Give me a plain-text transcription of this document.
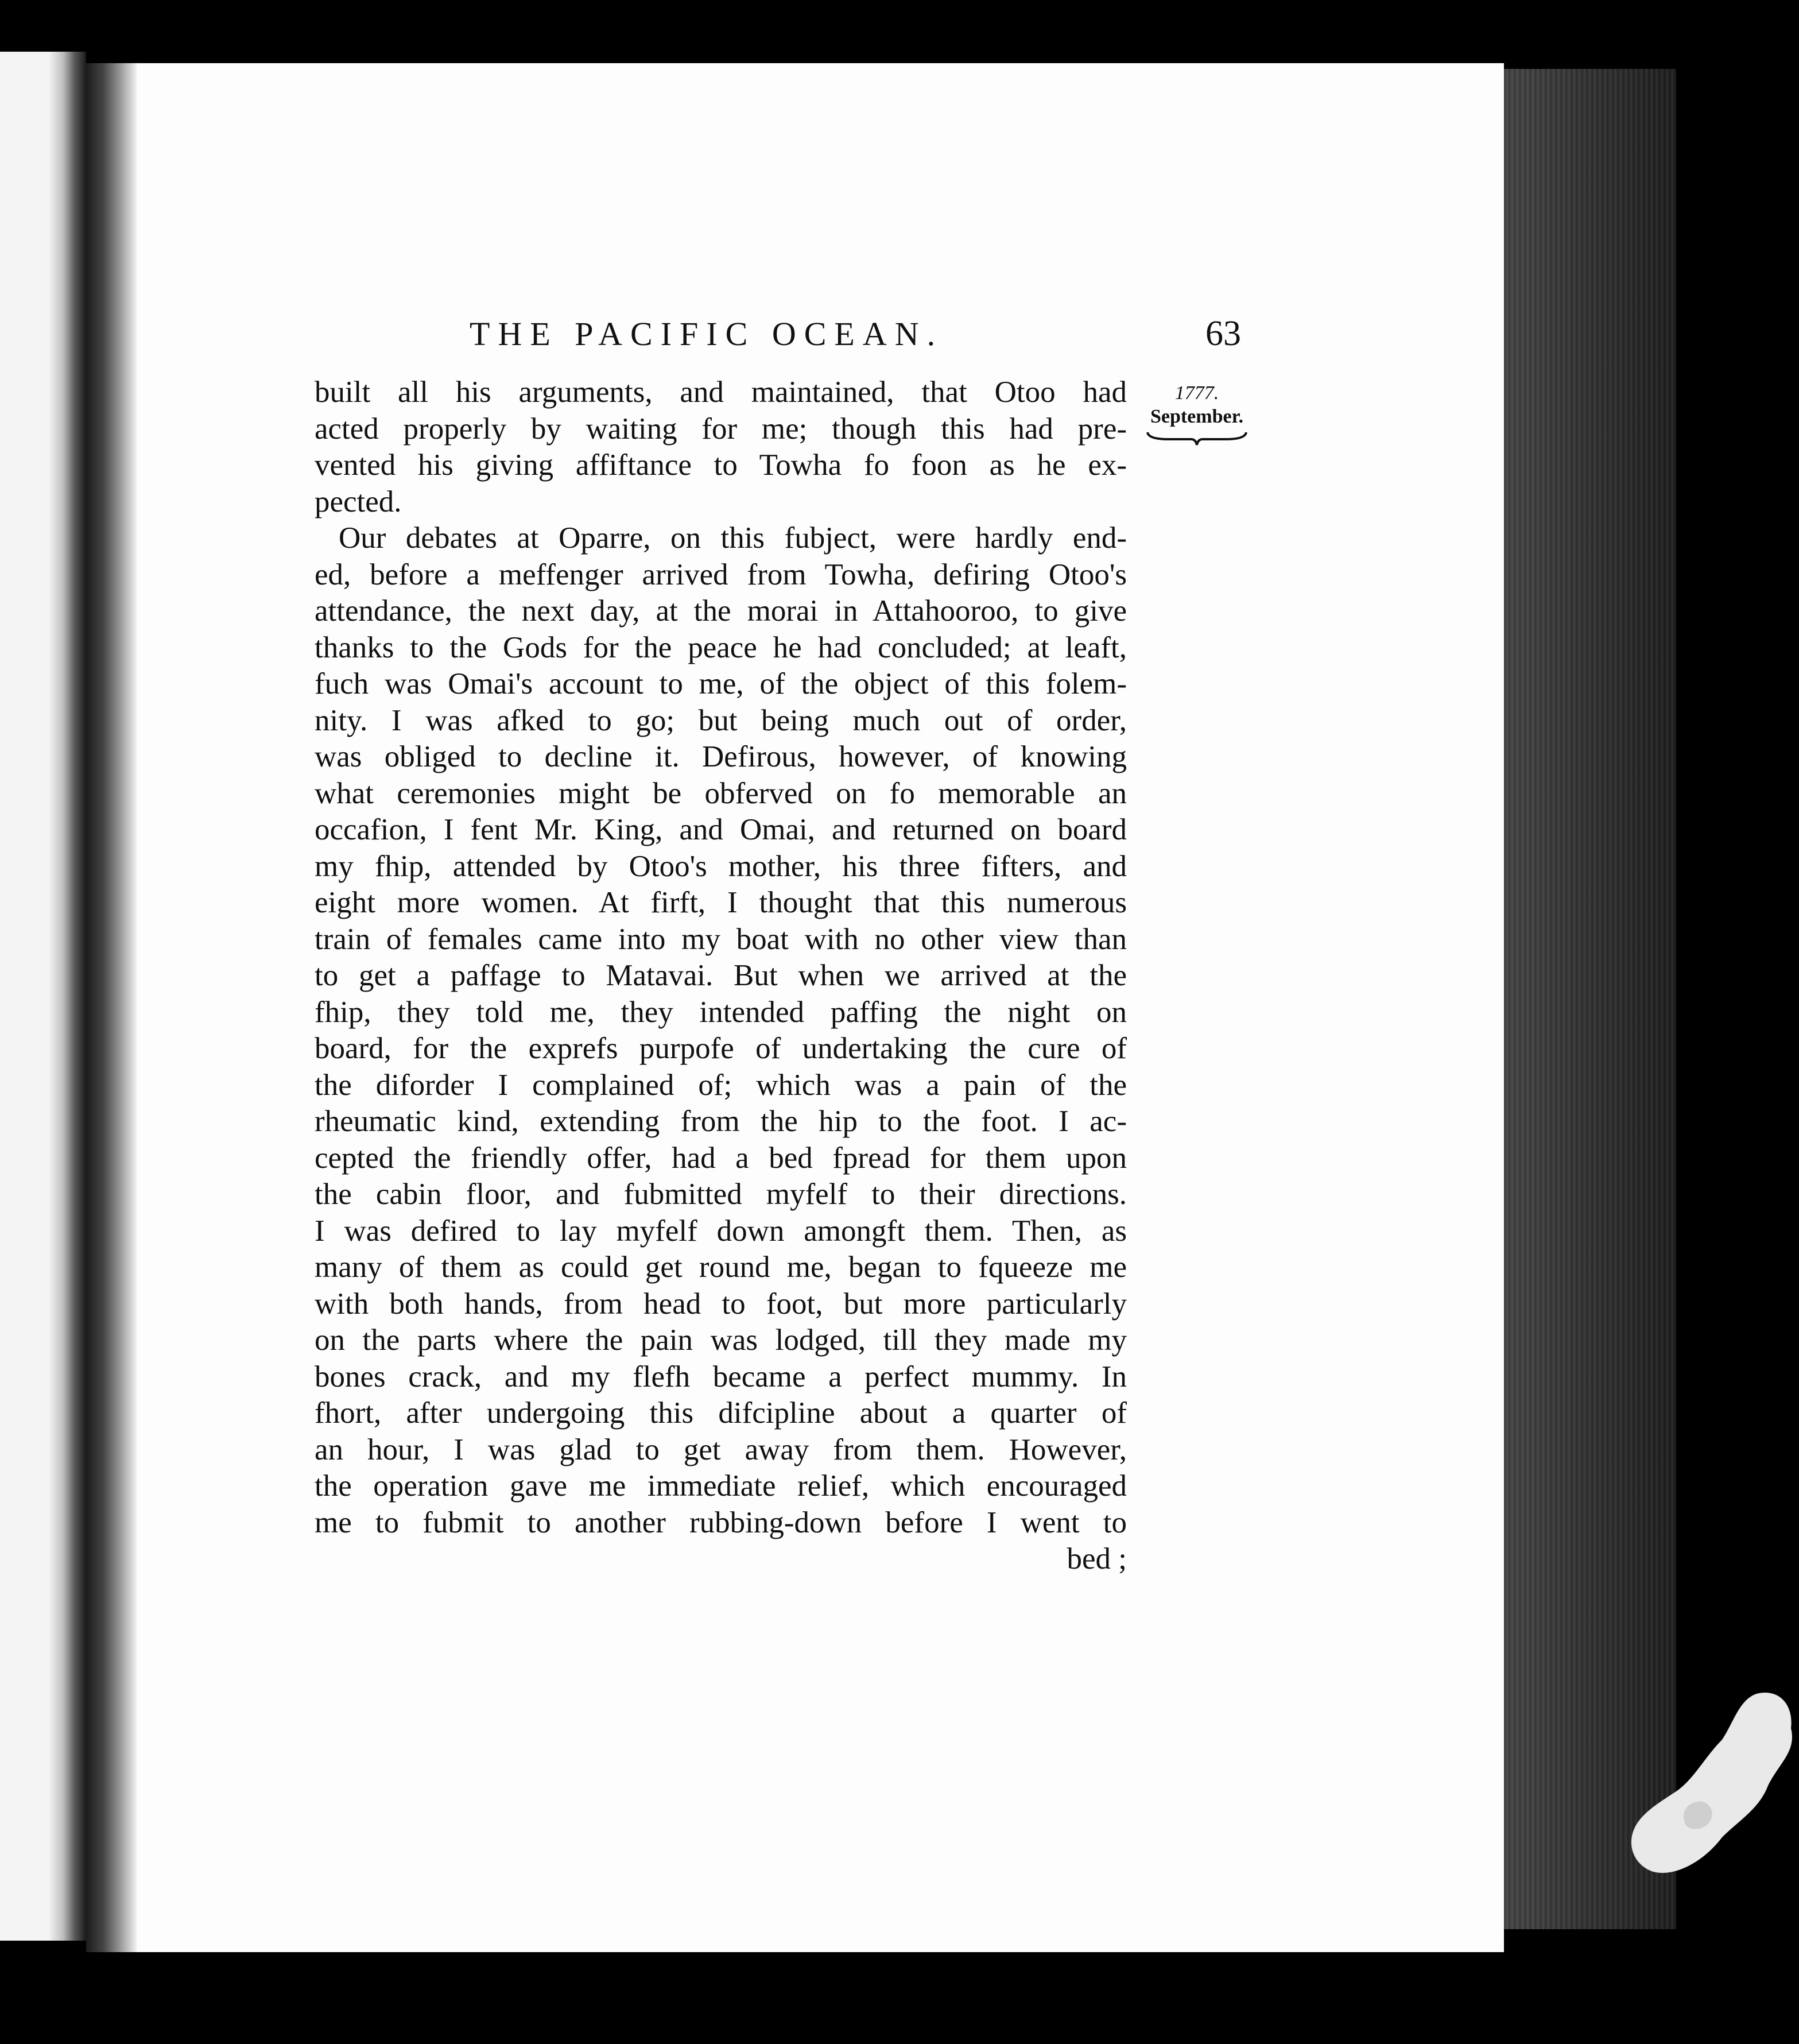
THE PACIFIC OCEAN.	63
1777.
September.
built all his arguments, and maintained, that Otoo had
acted properly by waiting for me; though this had pre-
vented his giving affiftance to Towha fo foon as he ex-
pected.
Our debates at Oparre, on this fubject, were hardly end-
ed, before a meffenger arrived from Towha, defiring Otoo's
attendance, the next day, at the morai in Attahooroo, to give
thanks to the Gods for the peace he had concluded; at leaft,
fuch was Omai's account to me, of the object of this folem-
nity. I was afked to go; but being much out of order,
was obliged to decline it. Defirous, however, of knowing
what ceremonies might be obferved on fo memorable an
occafion, I fent Mr. King, and Omai, and returned on board
my fhip, attended by Otoo's mother, his three fifters, and
eight more women. At firft, I thought that this numerous
train of females came into my boat with no other view than
to get a paffage to Matavai. But when we arrived at the
fhip, they told me, they intended paffing the night on
board, for the exprefs purpofe of undertaking the cure of
the diforder I complained of; which was a pain of the
rheumatic kind, extending from the hip to the foot. I ac-
cepted the friendly offer, had a bed fpread for them upon
the cabin floor, and fubmitted myfelf to their directions.
I was defired to lay myfelf down amongft them. Then, as
many of them as could get round me, began to fqueeze me
with both hands, from head to foot, but more particularly
on the parts where the pain was lodged, till they made my
bones crack, and my flefh became a perfect mummy. In
fhort, after undergoing this difcipline about a quarter of
an hour, I was glad to get away from them. However,
the operation gave me immediate relief, which encouraged
me to fubmit to another rubbing-down before I went to
bed ;
